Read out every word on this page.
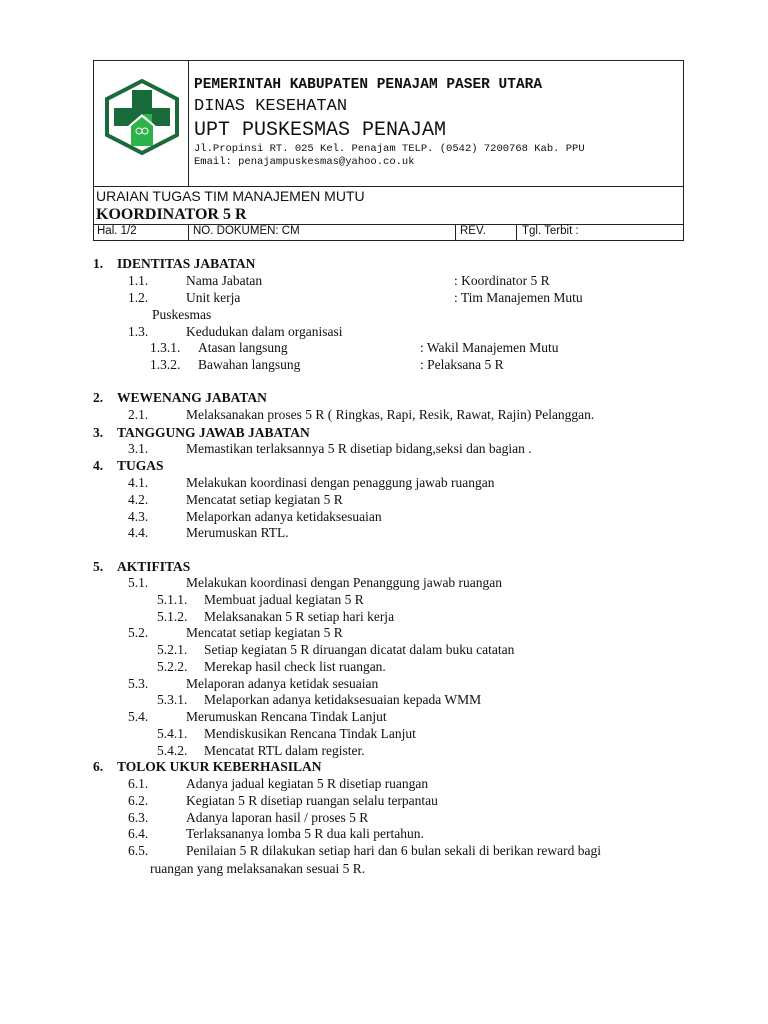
PEMERINTAH KABUPATEN PENAJAM PASER UTARA
DINAS KESEHATAN
UPT PUSKESMAS PENAJAM
Jl.Propinsi RT. 025 Kel. Penajam TELP. (0542) 7200768 Kab. PPU
Email: penajampuskesmas@yahoo.co.uk
URAIAN TUGAS TIM MANAJEMEN MUTU
KOORDINATOR 5 R
Hal. 1/2	NO. DOKUMEN: CM	REV.	Tgl. Terbit :
1. IDENTITAS JABATAN
1.1.	Nama Jabatan	: Koordinator 5 R
1.2.	Unit kerja	: Tim Manajemen Mutu
Puskesmas
1.3.	Kedudukan dalam organisasi
1.3.1. Atasan langsung	: Wakil Manajemen Mutu
1.3.2. Bawahan langsung	: Pelaksana 5 R
2. WEWENANG JABATAN
2.1.	Melaksanakan proses 5 R ( Ringkas, Rapi, Resik, Rawat, Rajin) Pelanggan.
3. TANGGUNG JAWAB JABATAN
3.1.	Memastikan terlaksannya 5 R disetiap bidang,seksi dan bagian .
4. TUGAS
5. AKTIFITAS
6. TOLOK UKUR KEBERHASILAN
ruangan yang melaksanakan sesuai 5 R.
4.1.	Melakukan koordinasi dengan penaggung jawab ruangan
4.2.	Mencatat setiap kegiatan 5 R
4.3.	Melaporkan adanya ketidaksesuaian
4.4.	Merumuskan RTL.
5.1.	Melakukan koordinasi dengan Penanggung jawab ruangan
5.1.1. Membuat jadual kegiatan 5 R
5.1.2. Melaksanakan 5 R setiap hari kerja
5.2.	Mencatat setiap kegiatan 5 R
5.2.1. Setiap kegiatan 5 R diruangan dicatat dalam buku catatan
5.2.2. Merekap hasil check list ruangan.
5.3.	Melaporan adanya ketidak sesuaian
5.3.1. Melaporkan adanya ketidaksesuaian kepada WMM
5.4.	Merumuskan Rencana Tindak Lanjut
5.4.1. Mendiskusikan Rencana Tindak Lanjut
5.4.2. Mencatat RTL dalam register.
6.1.	Adanya jadual kegiatan 5 R disetiap ruangan
6.2.	Kegiatan 5 R disetiap ruangan selalu terpantau
6.3.	Adanya laporan hasil / proses 5 R
6.4.	Terlaksananya lomba 5 R dua kali pertahun.
6.5.	Penilaian 5 R dilakukan setiap hari dan 6 bulan sekali di berikan reward bagi
